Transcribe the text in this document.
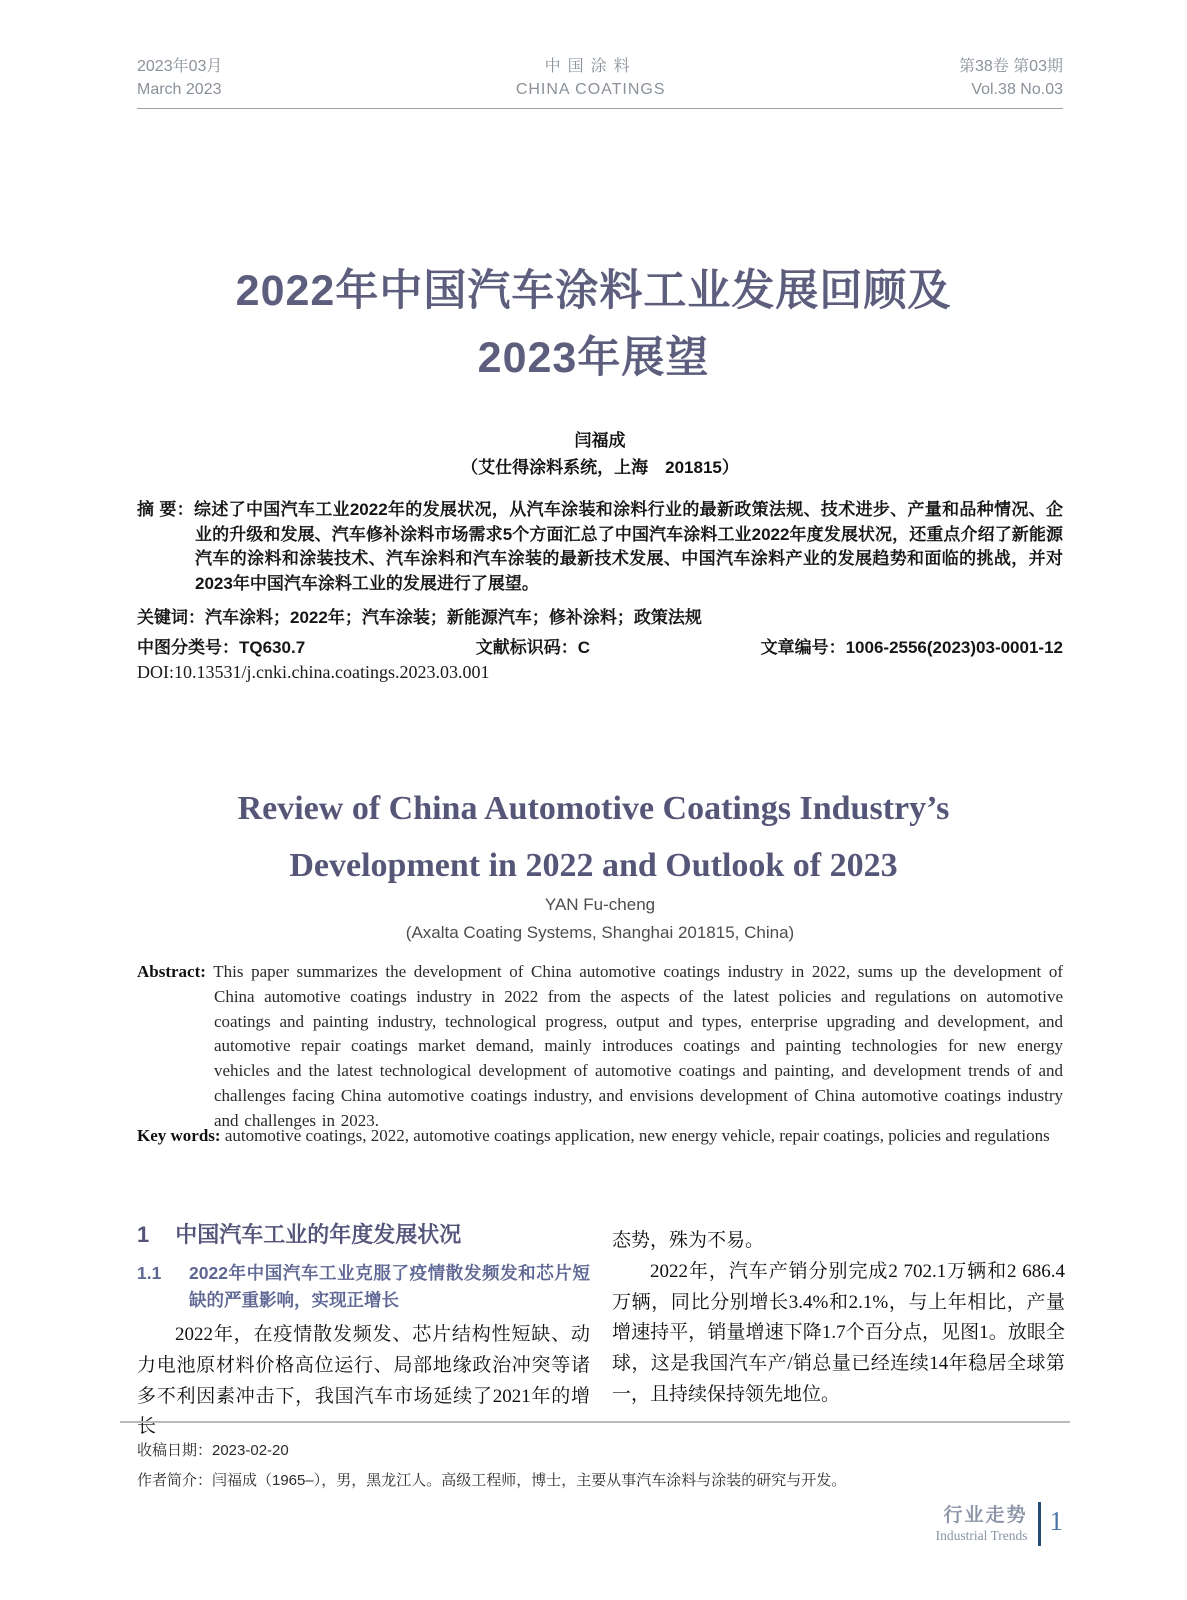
2023年03月
March 2023
中国涂料
CHINA COATINGS
第38卷 第03期
Vol.38 No.03
2022年中国汽车涂料工业发展回顾及
2023年展望
闫福成
（艾仕得涂料系统，上海　201815）
摘 要：综述了中国汽车工业2022年的发展状况，从汽车涂装和涂料行业的最新政策法规、技术进步、产量和品种情况、企业的升级和发展、汽车修补涂料市场需求5个方面汇总了中国汽车涂料工业2022年度发展状况，还重点介绍了新能源汽车的涂料和涂装技术、汽车涂料和汽车涂装的最新技术发展、中国汽车涂料产业的发展趋势和面临的挑战，并对2023年中国汽车涂料工业的发展进行了展望。
关键词：汽车涂料；2022年；汽车涂装；新能源汽车；修补涂料；政策法规
中图分类号：TQ630.7	文献标识码：C	文章编号：1006-2556(2023)03-0001-12
DOI:10.13531/j.cnki.china.coatings.2023.03.001
Review of China Automotive Coatings Industry’s
Development in 2022 and Outlook of 2023
YAN Fu-cheng
(Axalta Coating Systems, Shanghai 201815, China)
Abstract: This paper summarizes the development of China automotive coatings industry in 2022, sums up the development of China automotive coatings industry in 2022 from the aspects of the latest policies and regulations on automotive coatings and painting industry, technological progress, output and types, enterprise upgrading and development, and automotive repair coatings market demand, mainly introduces coatings and painting technologies for new energy vehicles and the latest technological development of automotive coatings and painting, and development trends of and challenges facing China automotive coatings industry, and envisions development of China automotive coatings industry and challenges in 2023.
Key words: automotive coatings, 2022, automotive coatings application, new energy vehicle, repair coatings, policies and regulations
1 中国汽车工业的年度发展状况
1.1 2022年中国汽车工业克服了疫情散发频发和芯片短缺的严重影响，实现正增长

2022年，在疫情散发频发、芯片结构性短缺、动力电池原材料价格高位运行、局部地缘政治冲突等诸多不利因素冲击下，我国汽车市场延续了2021年的增长

态势，殊为不易。

2022年，汽车产销分别完成2 702.1万辆和2 686.4万辆，同比分别增长3.4%和2.1%，与上年相比，产量增速持平，销量增速下降1.7个百分点，见图1。放眼全球，这是我国汽车产/销总量已经连续14年稳居全球第一，且持续保持领先地位。

收稿日期：2023-02-20
作者简介：闫福成（1965–），男，黑龙江人。高级工程师，博士，主要从事汽车涂料与涂装的研究与开发。
行业走势
Industrial Trends 1
